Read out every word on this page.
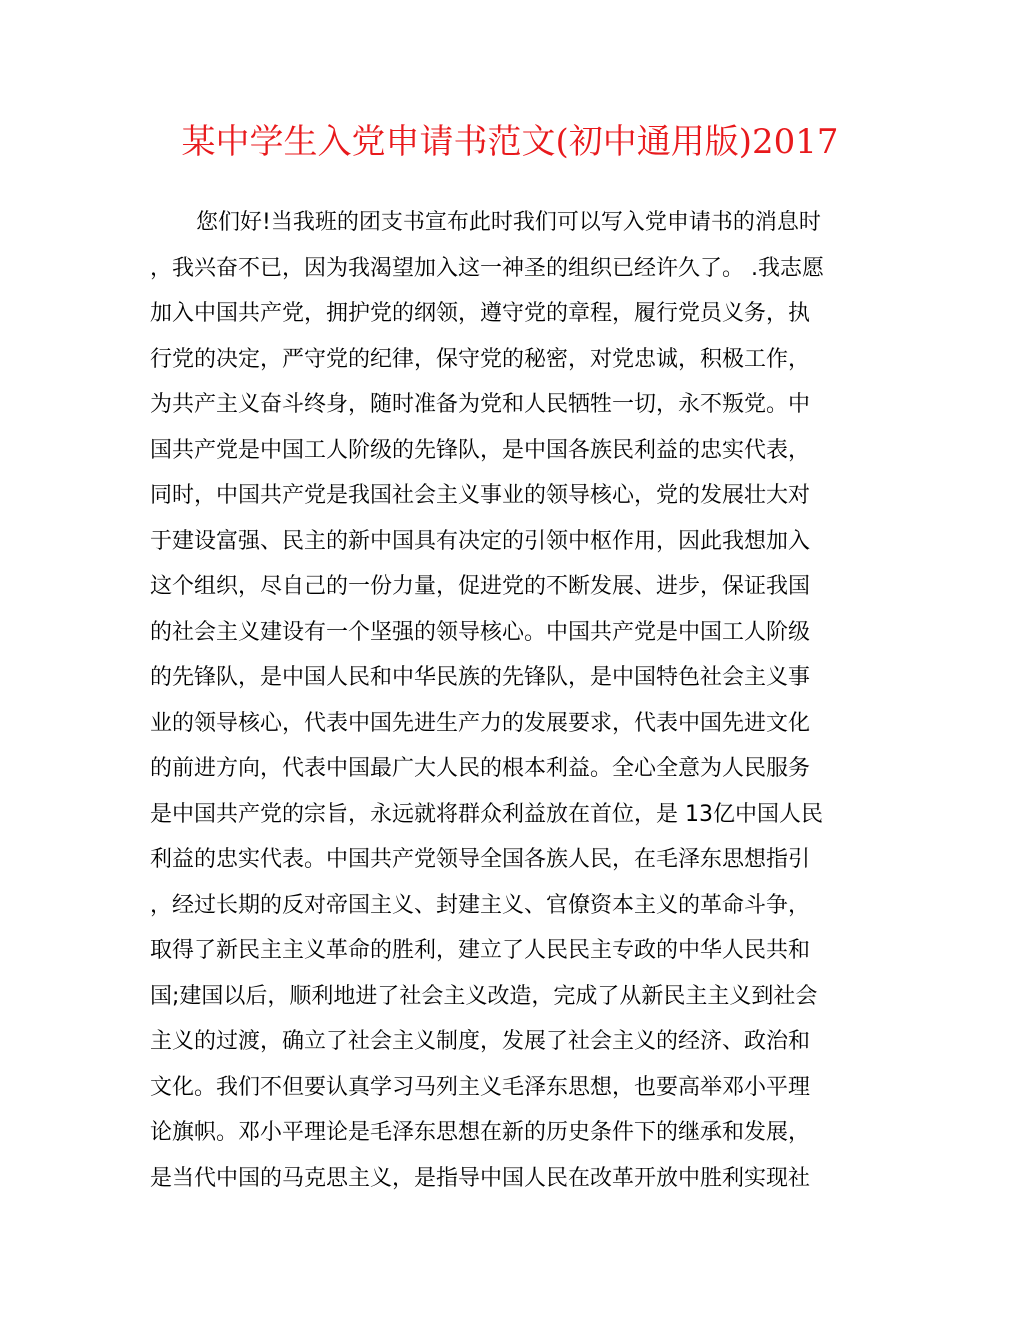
某中学生入党申请书范文(初中通用版)2017
您们好!当我班的团支书宣布此时我们可以写入党申请书的消息时
，我兴奋不已，因为我渴望加入这一神圣的组织已经许久了。 .我志愿
加入中国共产党，拥护党的纲领，遵守党的章程，履行党员义务，执
行党的决定，严守党的纪律，保守党的秘密，对党忠诚，积极工作，
为共产主义奋斗终身，随时准备为党和人民牺牲一切，永不叛党。中
国共产党是中国工人阶级的先锋队，是中国各族民利益的忠实代表，
同时，中国共产党是我国社会主义事业的领导核心，党的发展壮大对
于建设富强、民主的新中国具有决定的引领中枢作用，因此我想加入
这个组织，尽自己的一份力量，促进党的不断发展、进步，保证我国
的社会主义建设有一个坚强的领导核心。中国共产党是中国工人阶级
的先锋队，是中国人民和中华民族的先锋队，是中国特色社会主义事
业的领导核心，代表中国先进生产力的发展要求，代表中国先进文化
的前进方向，代表中国最广大人民的根本利益。全心全意为人民服务
是中国共产党的宗旨，永远就将群众利益放在首位，是 13亿中国人民
利益的忠实代表。中国共产党领导全国各族人民，在毛泽东思想指引
，经过长期的反对帝国主义、封建主义、官僚资本主义的革命斗争，
取得了新民主主义革命的胜利，建立了人民民主专政的中华人民共和
国;建国以后，顺利地进了社会主义改造，完成了从新民主主义到社会
主义的过渡，确立了社会主义制度，发展了社会主义的经济、政治和
文化。我们不但要认真学习马列主义毛泽东思想，也要高举邓小平理
论旗帜。邓小平理论是毛泽东思想在新的历史条件下的继承和发展，
是当代中国的马克思主义，是指导中国人民在改革开放中胜利实现社
